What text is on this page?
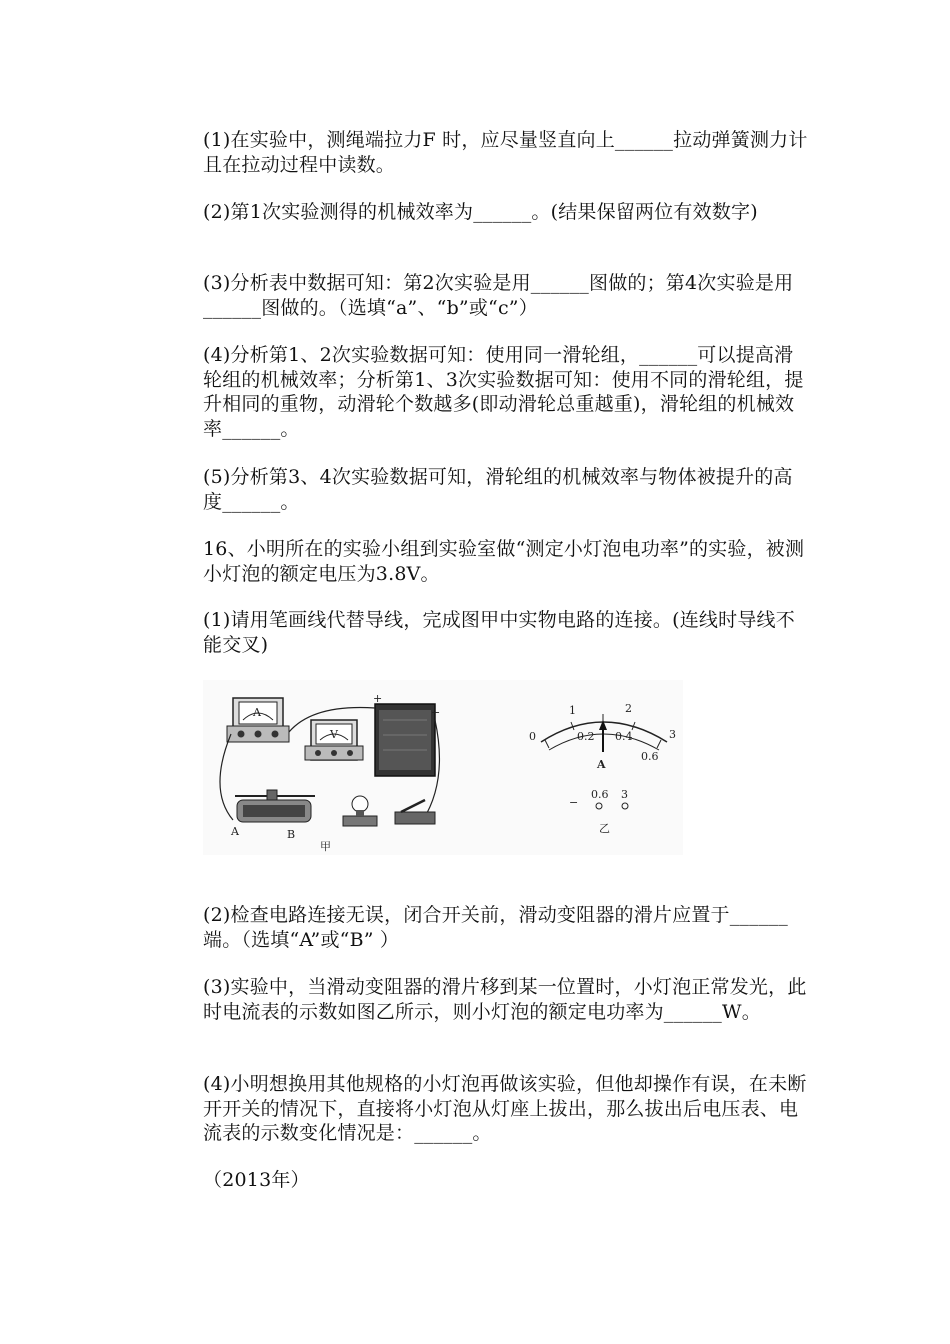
(1)在实验中，测绳端拉力F 时，应尽量竖直向上______拉动弹簧测力计且在拉动过程中读数。
(2)第1次实验测得的机械效率为______。(结果保留两位有效数字)
(3)分析表中数据可知：第2次实验是用______图做的；第4次实验是用______图做的。（选填“a”、“b”或“c”）
(4)分析第1、2次实验数据可知：使用同一滑轮组，______可以提高滑轮组的机械效率；分析第1、3次实验数据可知：使用不同的滑轮组，提升相同的重物，动滑轮个数越多(即动滑轮总重越重)，滑轮组的机械效率______。
(5)分析第3、4次实验数据可知，滑轮组的机械效率与物体被提升的高度______。
16、小明所在的实验小组到实验室做“测定小灯泡电功率”的实验，被测小灯泡的额定电压为3.8V。
(1)请用笔画线代替导线，完成图甲中实物电路的连接。(连线时导线不能交叉)
A
V
+
−
A	B
甲
0
1	2
3
0.2 0.4
0.6
A
0.6 3
−
乙
(2)检查电路连接无误，闭合开关前，滑动变阻器的滑片应置于______端。（选填“A”或“B” ）
(3)实验中，当滑动变阻器的滑片移到某一位置时，小灯泡正常发光，此时电流表的示数如图乙所示，则小灯泡的额定电功率为______W。
(4)小明想换用其他规格的小灯泡再做该实验，但他却操作有误，在未断开开关的情况下，直接将小灯泡从灯座上拔出，那么拔出后电压表、电流表的示数变化情况是：______。
（2013年）
